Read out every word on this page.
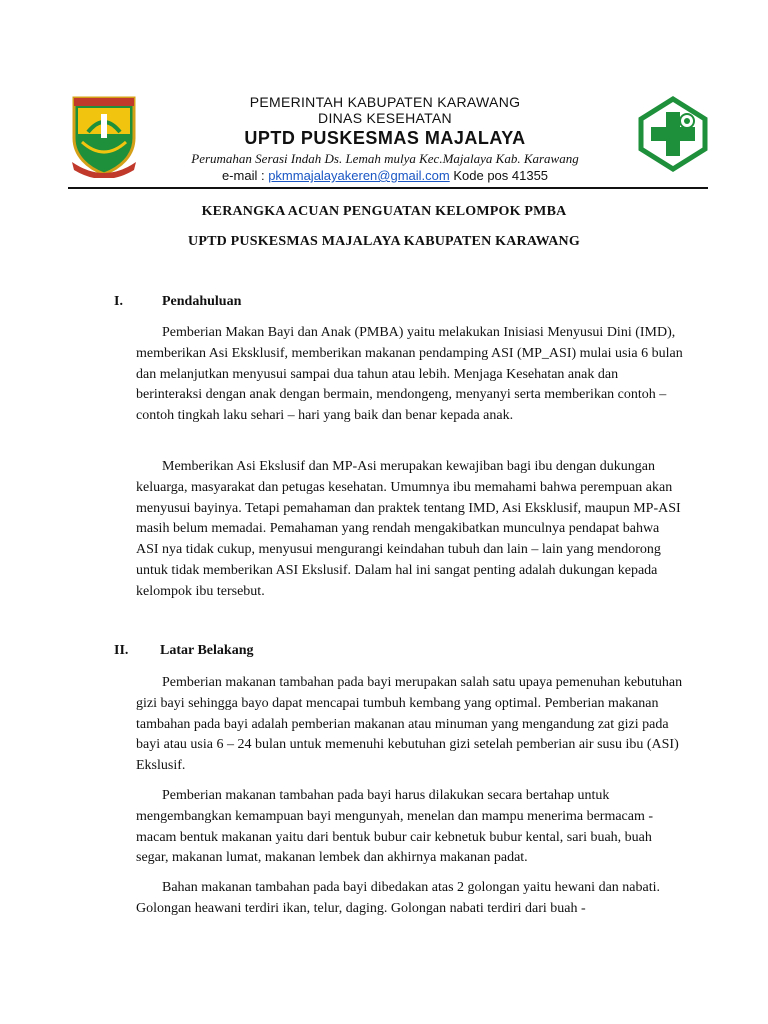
PEMERINTAH KABUPATEN KARAWANG
DINAS KESEHATAN
UPTD PUSKESMAS MAJALAYA
Perumahan Serasi Indah Ds. Lemah mulya Kec.Majalaya Kab. Karawang
e-mail : pkmmajalayakeren@gmail.com Kode pos 41355
KERANGKA ACUAN PENGUATAN KELOMPOK PMBA
UPTD PUSKESMAS MAJALAYA KABUPATEN KARAWANG
I.	Pendahuluan

Pemberian Makan Bayi dan Anak (PMBA) yaitu melakukan Inisiasi Menyusui Dini (IMD), memberikan Asi Eksklusif, memberikan makanan pendamping ASI (MP_ASI) mulai usia 6 bulan dan melanjutkan menyusui sampai dua tahun atau lebih. Menjaga Kesehatan anak dan berinteraksi dengan anak dengan bermain, mendongeng, menyanyi serta memberikan contoh – contoh tingkah laku sehari – hari yang baik dan benar kepada anak.

Memberikan Asi Ekslusif dan MP-Asi merupakan kewajiban bagi ibu dengan dukungan keluarga, masyarakat dan petugas kesehatan. Umumnya ibu memahami bahwa perempuan akan menyusui bayinya. Tetapi pemahaman dan praktek tentang IMD, Asi Eksklusif, maupun MP-ASI masih belum memadai. Pemahaman yang rendah mengakibatkan munculnya pendapat bahwa ASI nya tidak cukup, menyusui mengurangi keindahan tubuh dan lain – lain yang mendorong untuk tidak memberikan ASI Ekslusif. Dalam hal ini sangat penting adalah dukungan kepada kelompok ibu tersebut.

II. Latar Belakang

Pemberian makanan tambahan pada bayi merupakan salah satu upaya pemenuhan kebutuhan gizi bayi sehingga bayo dapat mencapai tumbuh kembang yang optimal. Pemberian makanan tambahan pada bayi adalah pemberian makanan atau minuman yang mengandung zat gizi pada bayi atau usia 6 – 24 bulan untuk memenuhi kebutuhan gizi setelah pemberian air susu ibu (ASI) Ekslusif.

Pemberian makanan tambahan pada bayi harus dilakukan secara bertahap untuk mengembangkan kemampuan bayi mengunyah, menelan dan mampu menerima bermacam - macam bentuk makanan yaitu dari bentuk bubur cair kebnetuk bubur kental, sari buah, buah segar, makanan lumat, makanan lembek dan akhirnya makanan padat.

Bahan makanan tambahan pada bayi dibedakan atas 2 golongan yaitu hewani dan nabati. Golongan heawani terdiri ikan, telur, daging. Golongan nabati terdiri dari buah -
